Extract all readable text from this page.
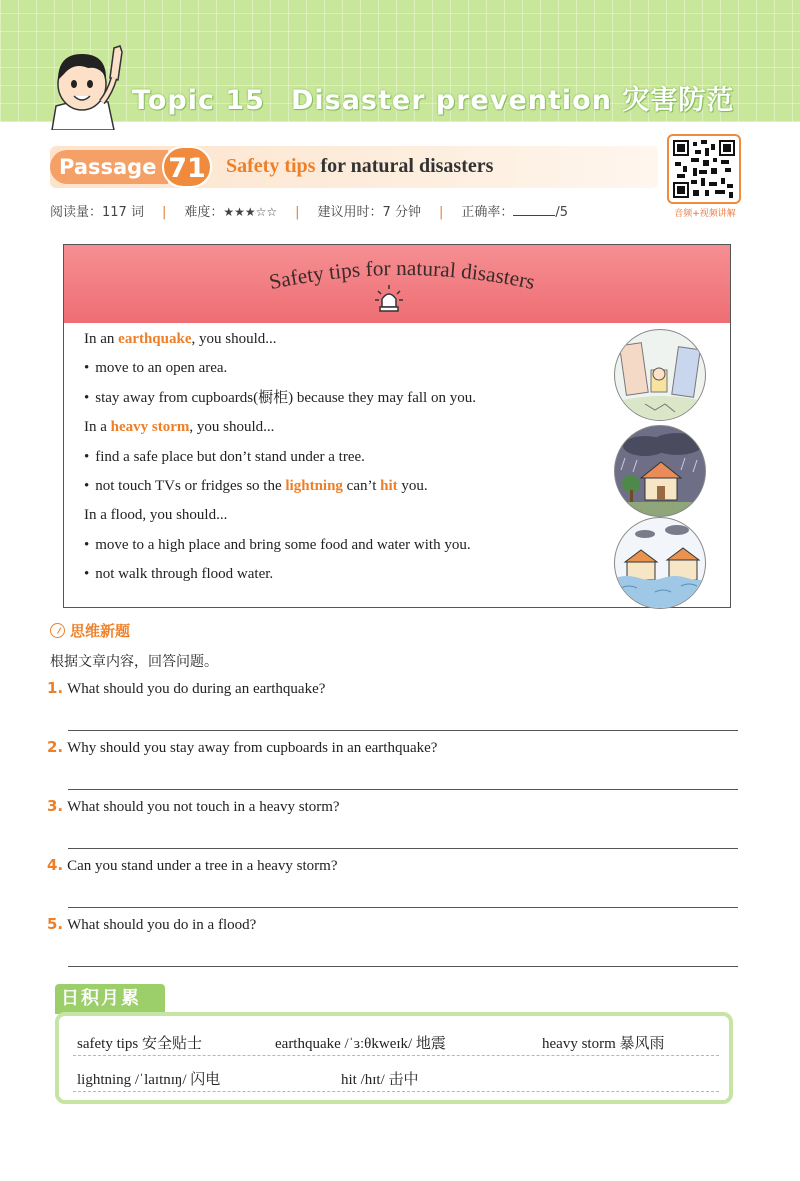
Topic 15 Disaster prevention 灾害防范
Passage 71	Safety tips for natural disasters
音频+视频讲解
阅读量：117 词 | 难度：★★★☆☆ | 建议用时：7 分钟 | 正确率：	/5
Safety tips for natural disasters
In an earthquake, you should...
• move to an open area.
• stay away from cupboards(橱柜) because they may fall on you.
In a heavy storm, you should...
• find a safe place but don’t stand under a tree.
• not touch TVs or fridges so the lightning can’t hit you.
In a flood, you should...
• move to a high place and bring some food and water with you.
• not walk through flood water.
思维新题
根据文章内容，回答问题。
1. What should you do during an earthquake?
2. Why should you stay away from cupboards in an earthquake?
3. What should you not touch in a heavy storm?
4. Can you stand under a tree in a heavy storm?
5. What should you do in a flood?
日积月累
safety tips 安全贴士	earthquake /ˈɜːθkweɪk/ 地震	heavy storm 暴风雨
lightning /ˈlaɪtnɪŋ/ 闪电	hit /hɪt/ 击中
